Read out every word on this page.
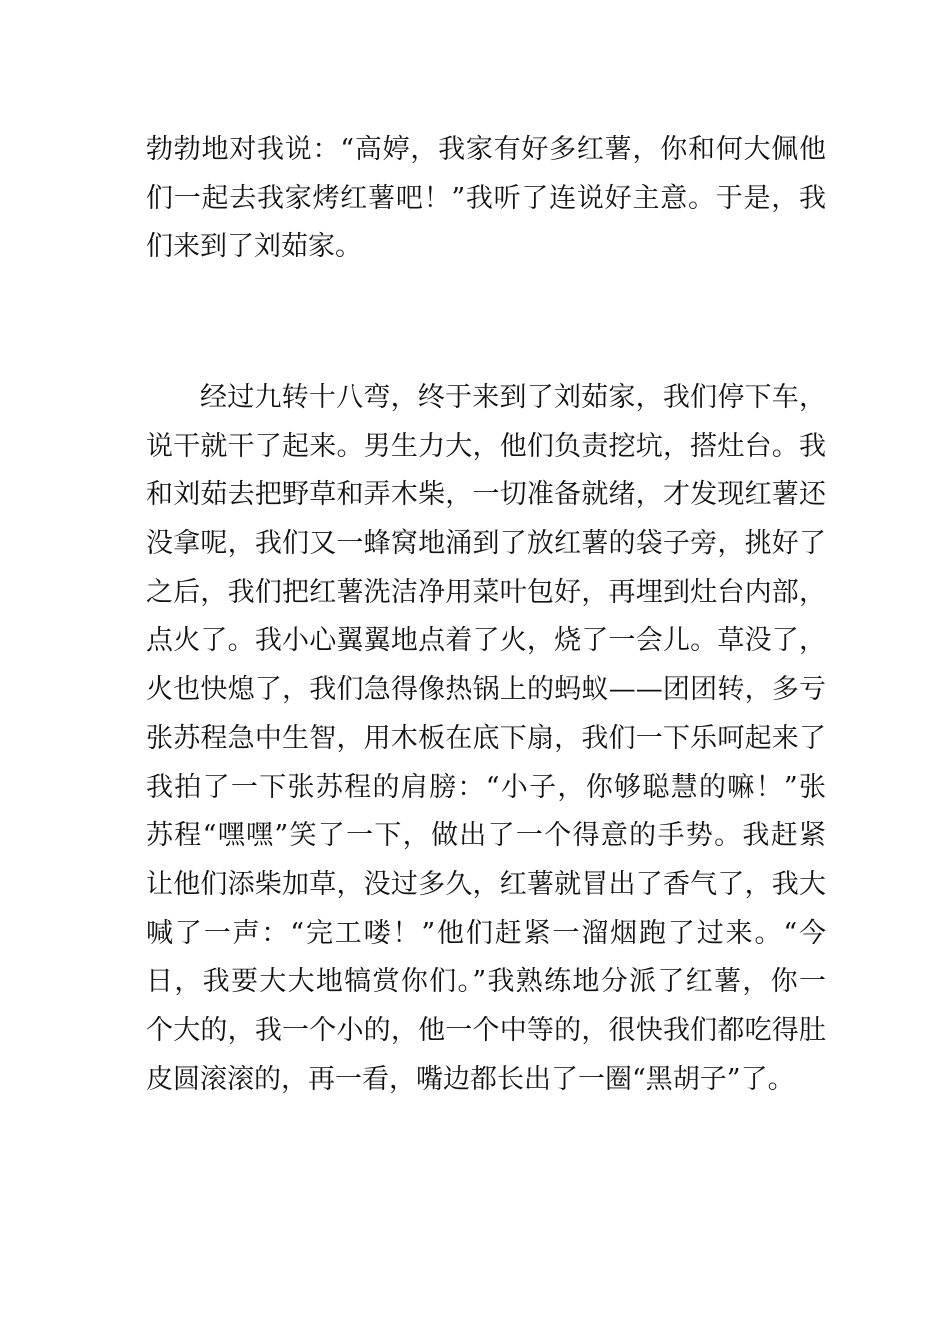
勃勃地对我说：“高婷，我家有好多红薯，你和何大佩他
们一起去我家烤红薯吧！”我听了连说好主意。于是，我
们来到了刘茹家。
经过九转十八弯，终于来到了刘茹家，我们停下车，
说干就干了起来。男生力大，他们负责挖坑，搭灶台。我
和刘茹去把野草和弄木柴，一切准备就绪，才发现红薯还
没拿呢，我们又一蜂窝地涌到了放红薯的袋子旁，挑好了
之后，我们把红薯洗洁净用菜叶包好，再埋到灶台内部，
点火了。我小心翼翼地点着了火，烧了一会儿。草没了，
火也快熄了，我们急得像热锅上的蚂蚁——团团转，多亏
张苏程急中生智，用木板在底下扇，我们一下乐呵起来了
我拍了一下张苏程的肩膀：“小子，你够聪慧的嘛！”张
苏程“嘿嘿”笑了一下，做出了一个得意的手势。我赶紧
让他们添柴加草，没过多久，红薯就冒出了香气了，我大
喊了一声：“完工喽！”他们赶紧一溜烟跑了过来。“今
日，我要大大地犒赏你们。”我熟练地分派了红薯，你一
个大的，我一个小的，他一个中等的，很快我们都吃得肚
皮圆滚滚的，再一看，嘴边都长出了一圈“黑胡子”了。
